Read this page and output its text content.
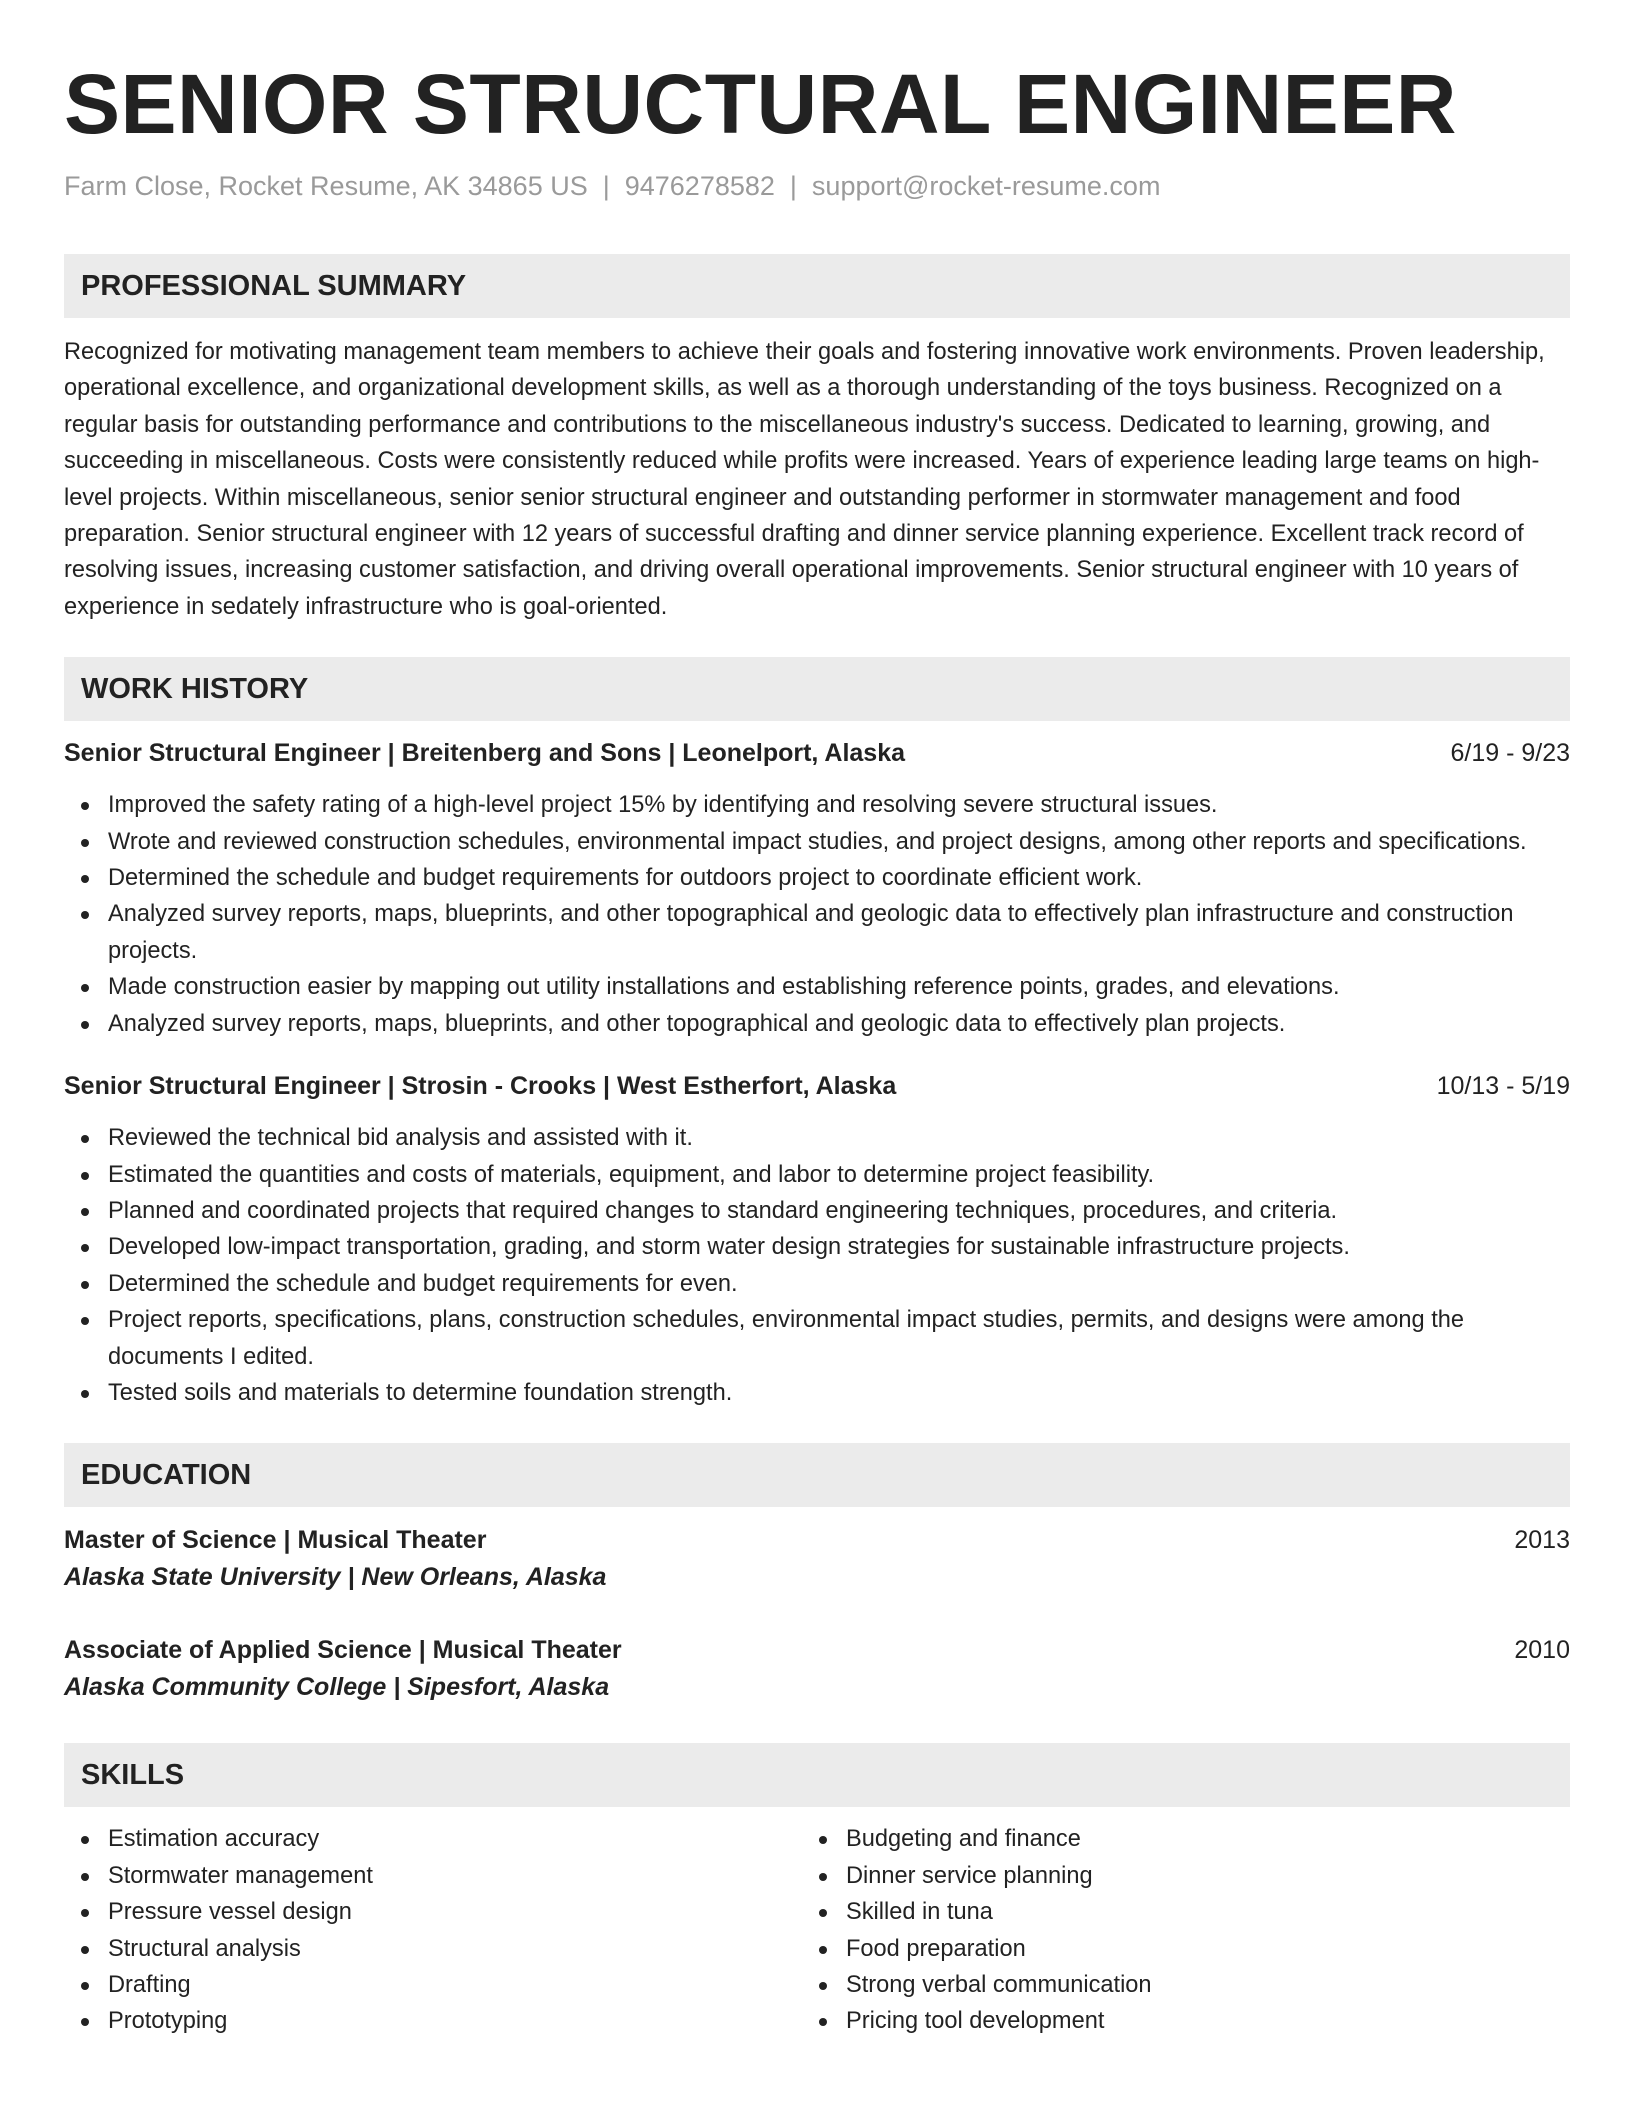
SENIOR STRUCTURAL ENGINEER
Farm Close, Rocket Resume, AK 34865 US | 9476278582 | support@rocket-resume.com
PROFESSIONAL SUMMARY

Recognized for motivating management team members to achieve their goals and fostering innovative work environments. Proven leadership, operational excellence, and organizational development skills, as well as a thorough understanding of the toys business. Recognized on a regular basis for outstanding performance and contributions to the miscellaneous industry's success. Dedicated to learning, growing, and succeeding in miscellaneous. Costs were consistently reduced while profits were increased. Years of experience leading large teams on high-level projects. Within miscellaneous, senior senior structural engineer and outstanding performer in stormwater management and food preparation. Senior structural engineer with 12 years of successful drafting and dinner service planning experience. Excellent track record of resolving issues, increasing customer satisfaction, and driving overall operational improvements. Senior structural engineer with 10 years of experience in sedately infrastructure who is goal-oriented.

WORK HISTORY
Senior Structural Engineer | Breitenberg and Sons | Leonelport, Alaska	6/19 - 9/23
Improved the safety rating of a high-level project 15% by identifying and resolving severe structural issues.
Wrote and reviewed construction schedules, environmental impact studies, and project designs, among other reports and specifications.
Determined the schedule and budget requirements for outdoors project to coordinate efficient work.
Analyzed survey reports, maps, blueprints, and other topographical and geologic data to effectively plan infrastructure and construction projects.
Made construction easier by mapping out utility installations and establishing reference points, grades, and elevations.
Analyzed survey reports, maps, blueprints, and other topographical and geologic data to effectively plan projects.
Senior Structural Engineer | Strosin - Crooks | West Estherfort, Alaska	10/13 - 5/19
Reviewed the technical bid analysis and assisted with it.
Estimated the quantities and costs of materials, equipment, and labor to determine project feasibility.
Planned and coordinated projects that required changes to standard engineering techniques, procedures, and criteria.
Developed low-impact transportation, grading, and storm water design strategies for sustainable infrastructure projects.
Determined the schedule and budget requirements for even.
Project reports, specifications, plans, construction schedules, environmental impact studies, permits, and designs were among the documents I edited.
Tested soils and materials to determine foundation strength.
EDUCATION
Master of Science | Musical Theater	2013
Alaska State University | New Orleans, Alaska
Associate of Applied Science | Musical Theater	2010
Alaska Community College | Sipesfort, Alaska
SKILLS
Estimation accuracy
Stormwater management
Pressure vessel design
Structural analysis
Drafting
Prototyping
Budgeting and finance
Dinner service planning
Skilled in tuna
Food preparation
Strong verbal communication
Pricing tool development
